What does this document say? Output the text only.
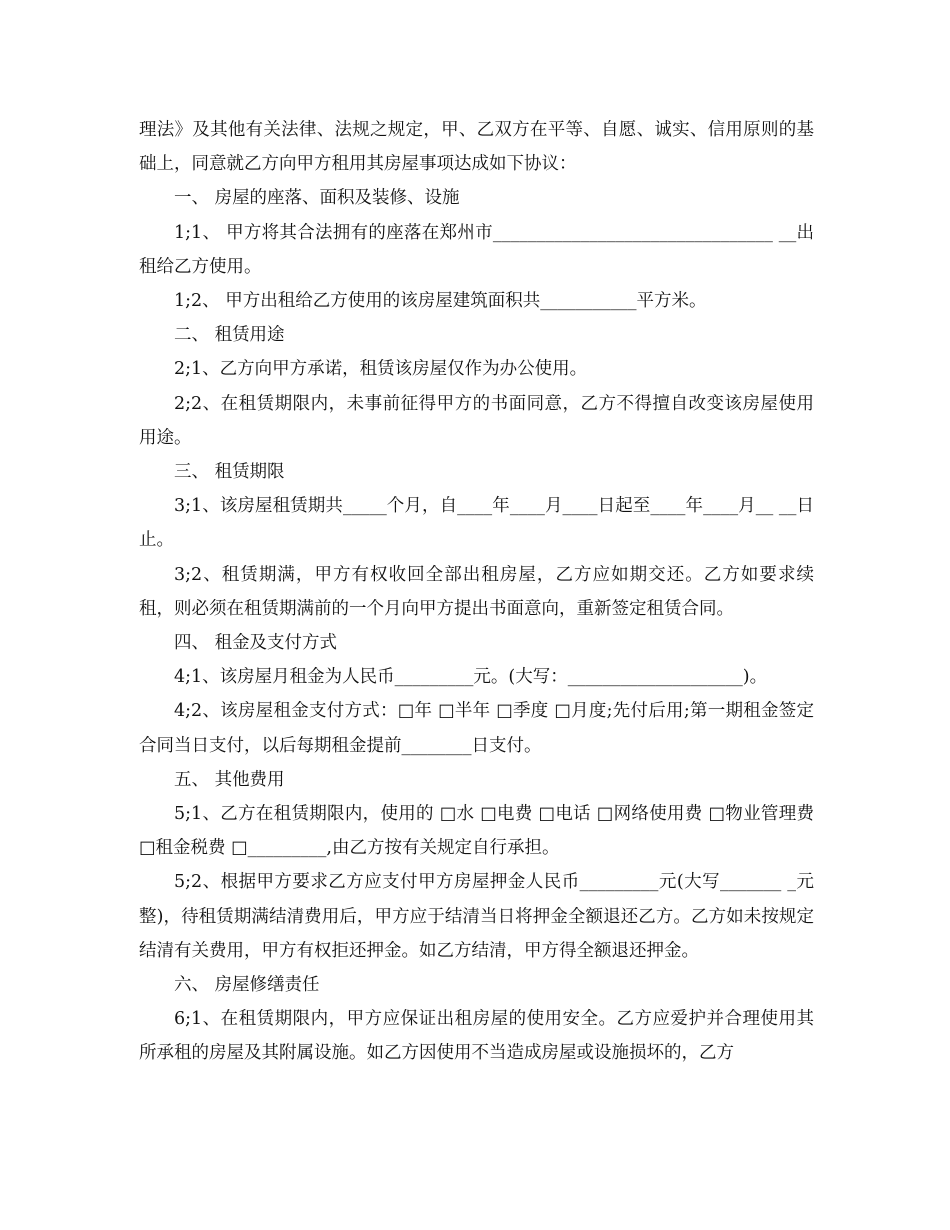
理法》及其他有关法律、法规之规定，甲、乙双方在平等、自愿、诚实、信用原则的基础上，同意就乙方向甲方租用其房屋事项达成如下协议：

一、 房屋的座落、面积及装修、设施

1;1、 甲方将其合法拥有的座落在郑州市________________________________ __出租给乙方使用。

1;2、 甲方出租给乙方使用的该房屋建筑面积共___________平方米。

二、 租赁用途

2;1、乙方向甲方承诺，租赁该房屋仅作为办公使用。

2;2、在租赁期限内，未事前征得甲方的书面同意，乙方不得擅自改变该房屋使用用途。

三、 租赁期限

3;1、该房屋租赁期共_____个月，自____年____月____日起至____年____月__ __日止。

3;2、租赁期满，甲方有权收回全部出租房屋，乙方应如期交还。乙方如要求续租，则必须在租赁期满前的一个月向甲方提出书面意向，重新签定租赁合同。

四、 租金及支付方式

4;1、该房屋月租金为人民币_________元。(大写：____________________)。

4;2、该房屋租金支付方式：□年 □半年 □季度 □月度;先付后用;第一期租金签定合同当日支付，以后每期租金提前________日支付。

五、 其他费用

5;1、乙方在租赁期限内，使用的 □水 □电费 □电话 □网络使用费 □物业管理费 □租金税费 □_________,由乙方按有关规定自行承担。

5;2、根据甲方要求乙方应支付甲方房屋押金人民币_________元(大写_______ _元整)，待租赁期满结清费用后，甲方应于结清当日将押金全额退还乙方。乙方如未按规定结清有关费用，甲方有权拒还押金。如乙方结清，甲方得全额退还押金。

六、 房屋修缮责任

6;1、在租赁期限内，甲方应保证出租房屋的使用安全。乙方应爱护并合理使用其所承租的房屋及其附属设施。如乙方因使用不当造成房屋或设施损坏的，乙方
